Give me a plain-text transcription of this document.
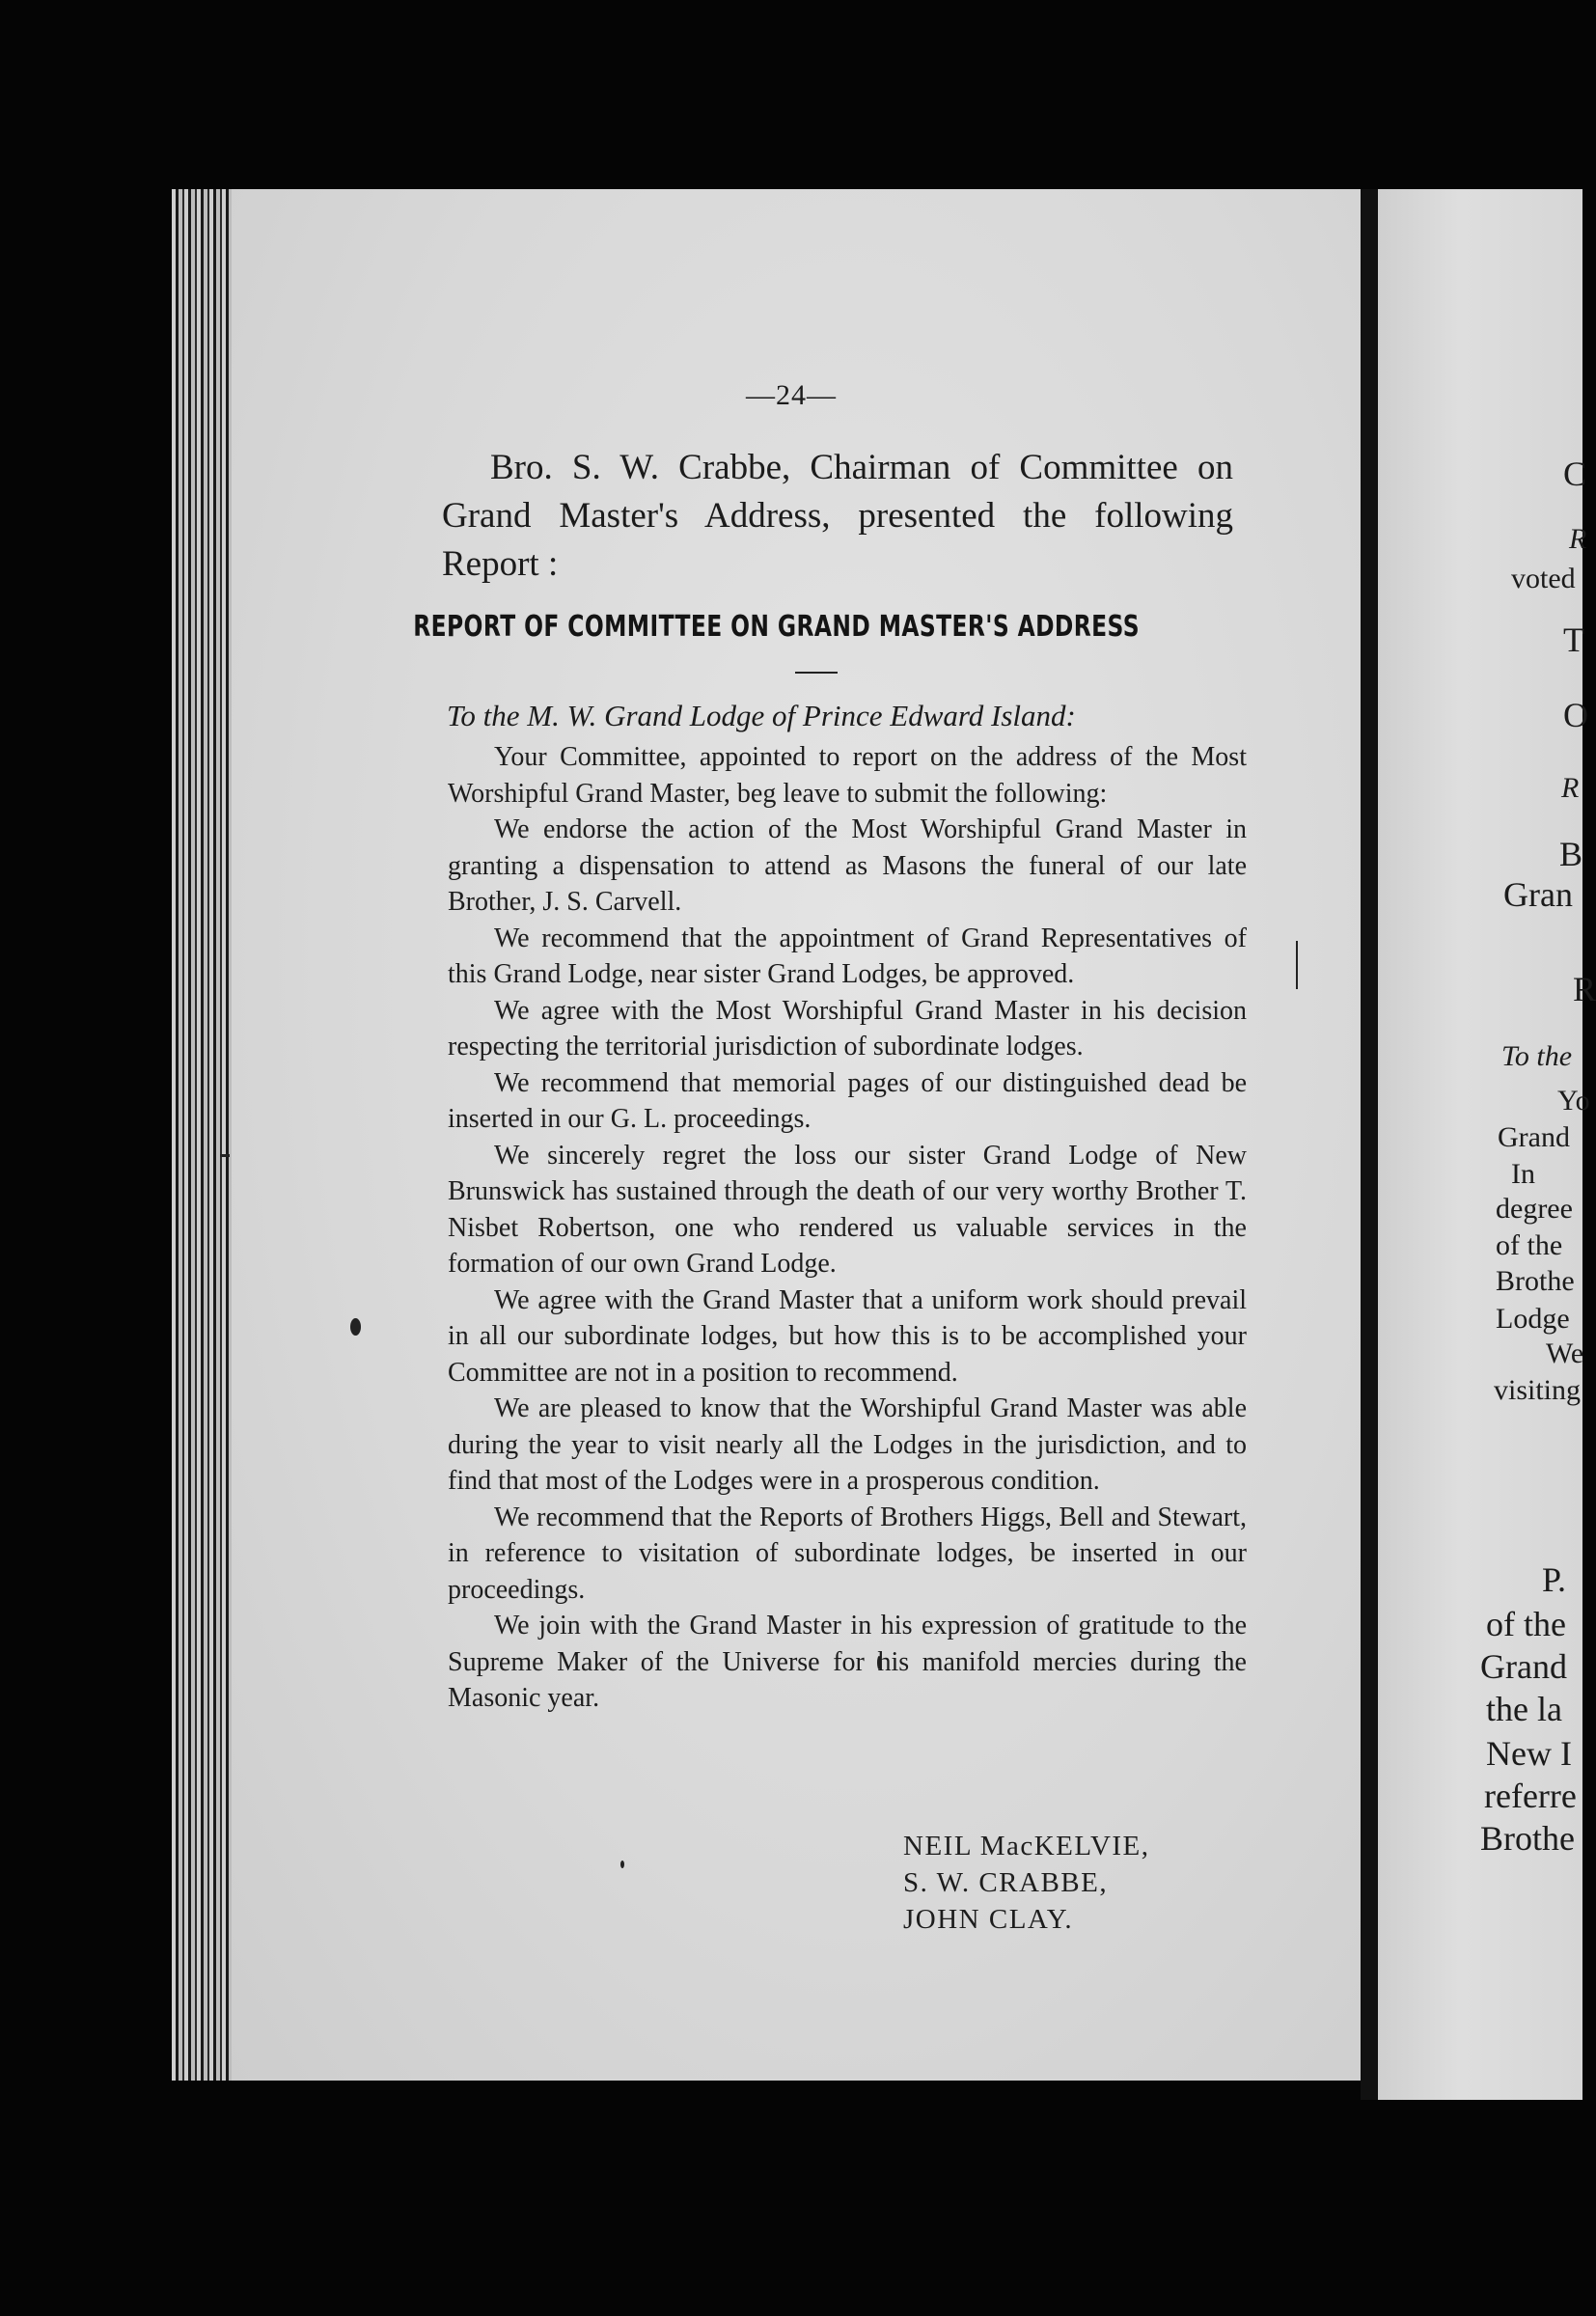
—24—
Bro. S. W. Crabbe, Chairman of Committee on Grand Master's Address, presented the following Report :
REPORT OF COMMITTEE ON GRAND MASTER'S ADDRESS
To the M. W. Grand Lodge of Prince Edward Island:

Your Committee, appointed to report on the address of the Most Worshipful Grand Master, beg leave to submit the following:

We endorse the action of the Most Worshipful Grand Master in granting a dispensation to attend as Masons the funeral of our late Brother, J. S. Carvell.

We recommend that the appointment of Grand Representatives of this Grand Lodge, near sister Grand Lodges, be approved.

We agree with the Most Worshipful Grand Master in his decision respecting the territorial jurisdiction of subordinate lodges.

We recommend that memorial pages of our distinguished dead be inserted in our G. L. proceedings.

We sincerely regret the loss our sister Grand Lodge of New Brunswick has sustained through the death of our very worthy Brother T. Nisbet Robertson, one who rendered us valuable services in the formation of our own Grand Lodge.

We agree with the Grand Master that a uniform work should prevail in all our subordinate lodges, but how this is to be accomplished your Committee are not in a position to recommend.

We are pleased to know that the Worshipful Grand Master was able during the year to visit nearly all the Lodges in the jurisdiction, and to find that most of the Lodges were in a prosperous condition.

We recommend that the Reports of Brothers Higgs, Bell and Stewart, in reference to visitation of subordinate lodges, be inserted in our proceedings.

We join with the Grand Master in his expression of gratitude to the Supreme Maker of the Universe for his manifold mercies during the Masonic year.

NEIL MacKELVIE,
S. W. CRABBE,
JOHN CLAY.
C
R
voted
T
O
R
B
Gran
R
To the
Yo
Grand
In
degree
of the
Brothe
Lodge
We
visiting
P.
of the
Grand
the la
New I
referre
Brothe
